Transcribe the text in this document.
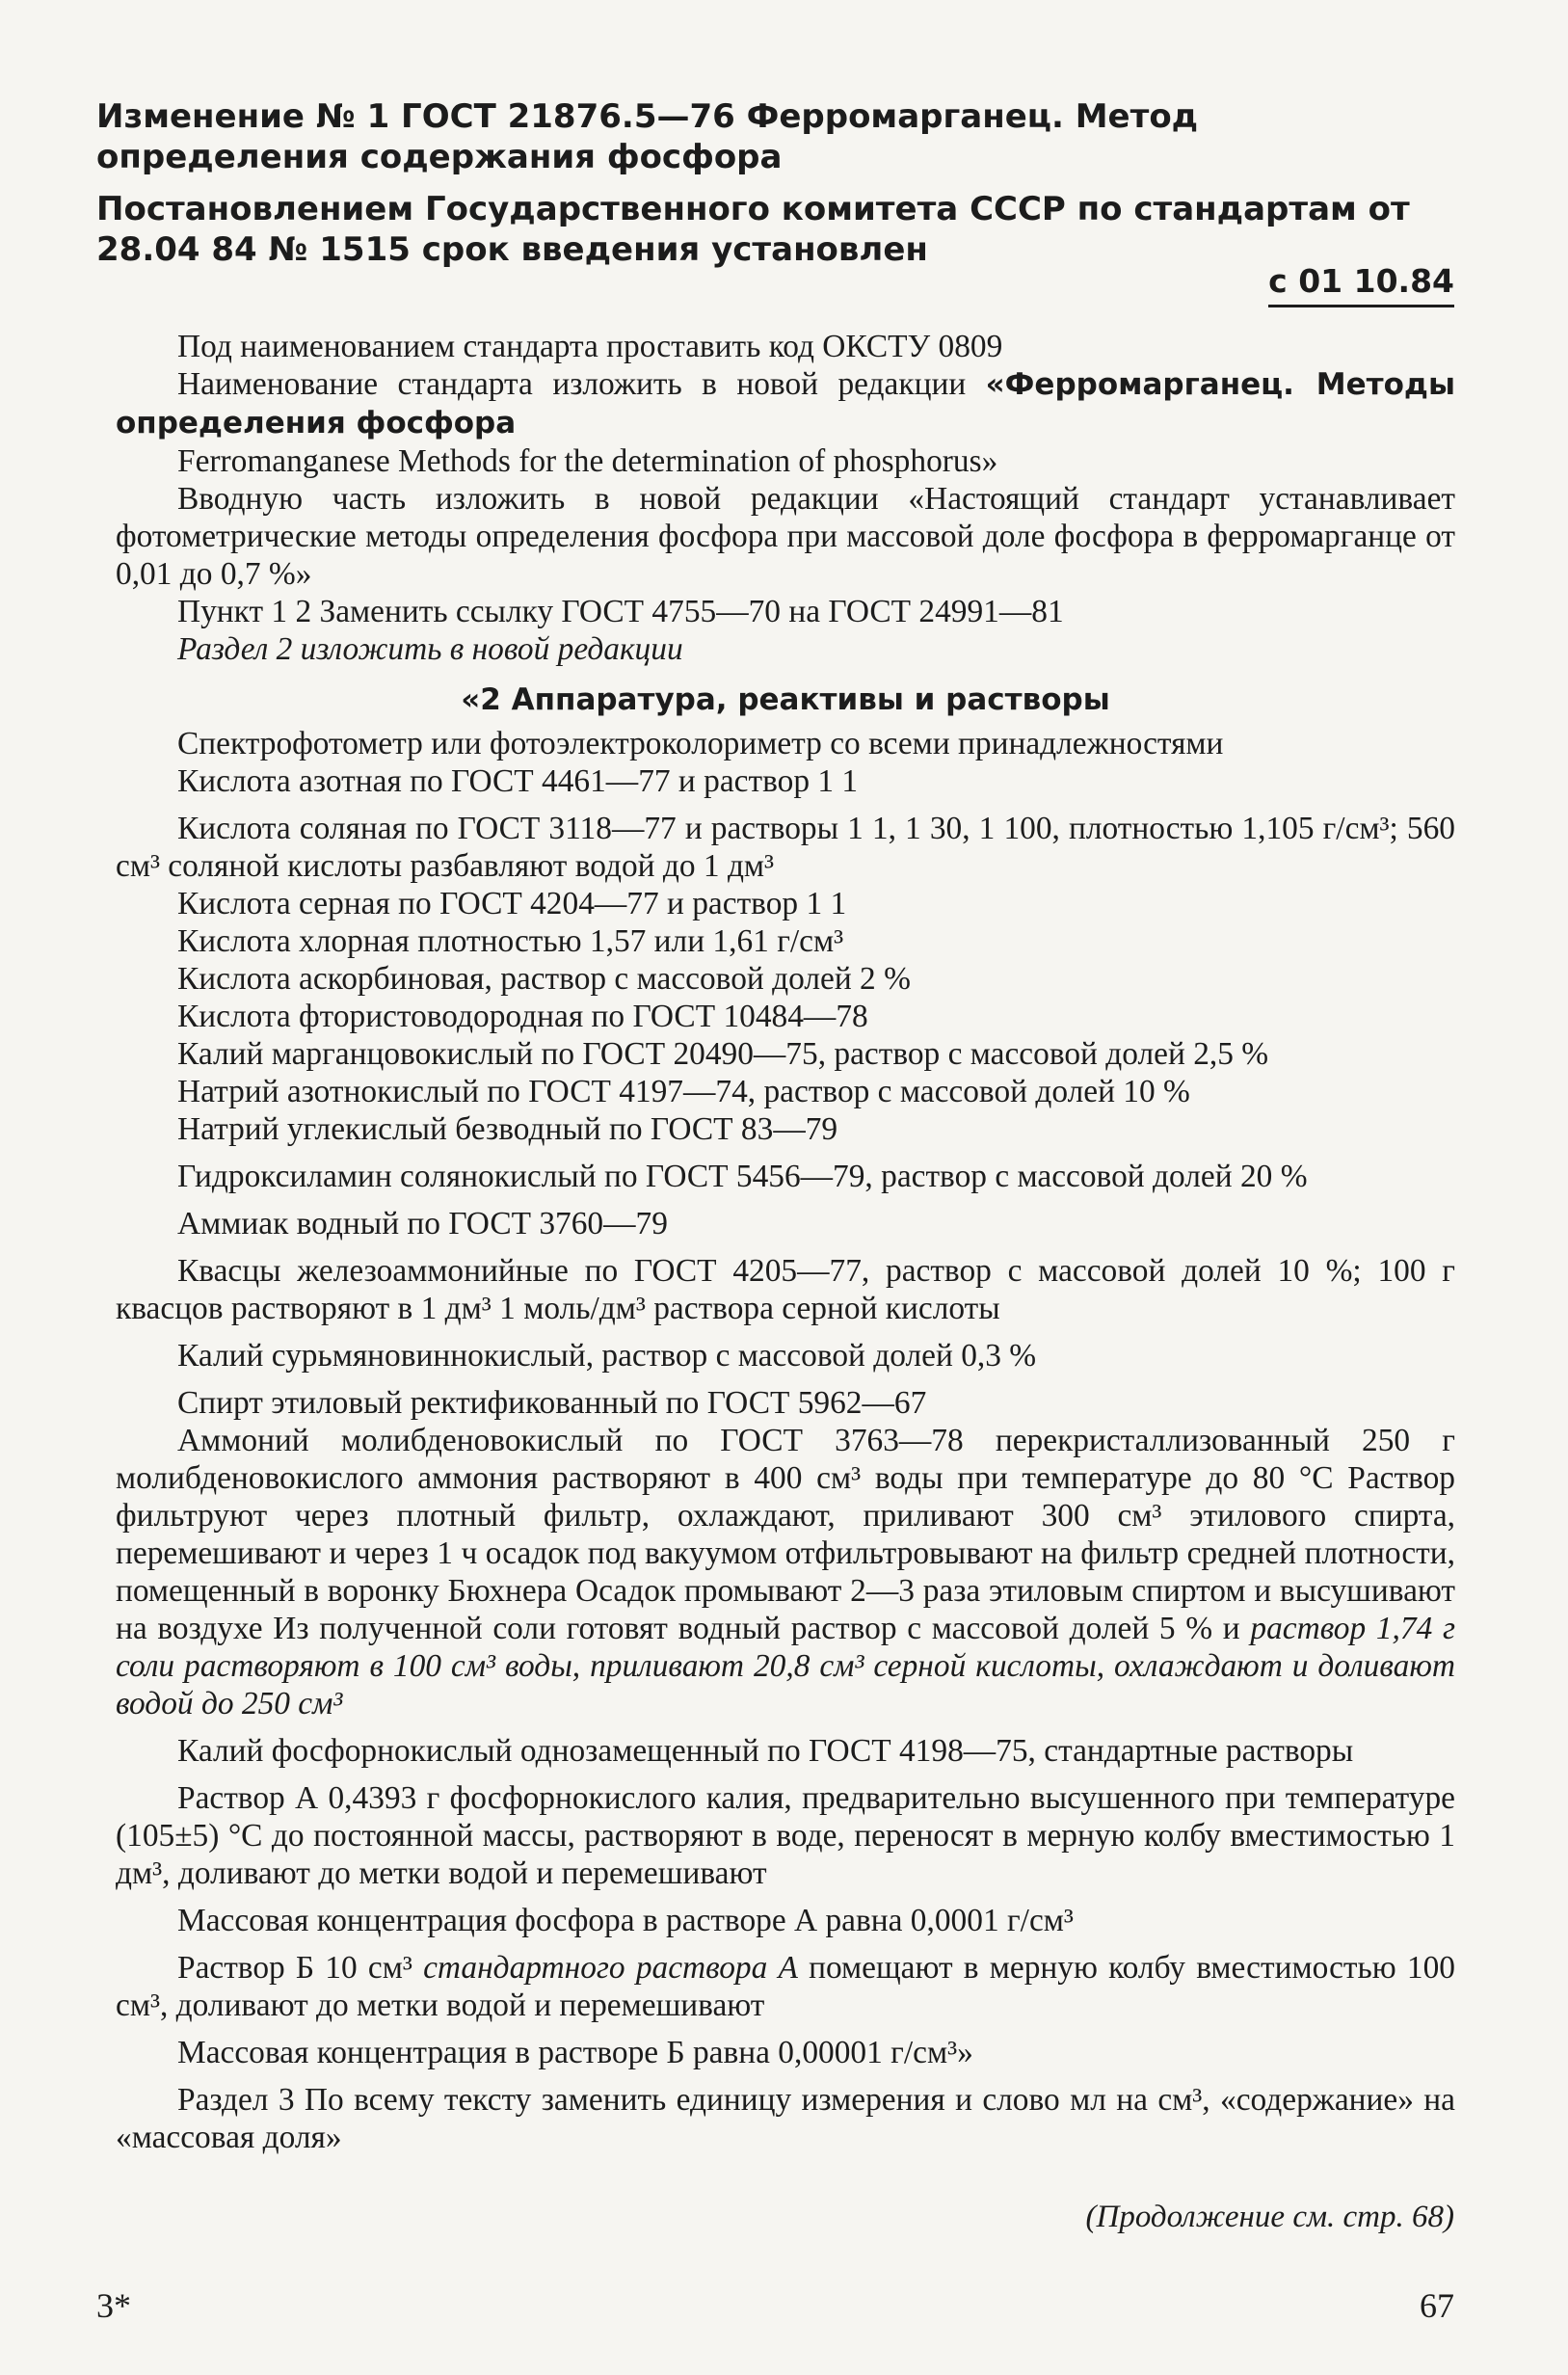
Изменение № 1 ГОСТ 21876.5—76 Ферромарганец. Метод определения содержания фосфора

Постановлением Государственного комитета СССР по стандартам от 28.04 84 № 1515 срок введения установлен

с 01 10.84

Под наименованием стандарта проставить код ОКСТУ 0809

Наименование стандарта изложить в новой редакции «Ферромарганец. Методы определения фосфора

Ferromanganese Methods for the determination of phosphorus»

Вводную часть изложить в новой редакции «Настоящий стандарт устанавливает фотометрические методы определения фосфора при массовой доле фосфора в ферромарганце от 0,01 до 0,7 %»

Пункт 1 2 Заменить ссылку ГОСТ 4755—70 на ГОСТ 24991—81

Раздел 2 изложить в новой редакции

«2 Аппаратура, реактивы и растворы

Спектрофотометр или фотоэлектроколориметр со всеми принадлежностями

Кислота азотная по ГОСТ 4461—77 и раствор 1 1

Кислота соляная по ГОСТ 3118—77 и растворы 1 1, 1 30, 1 100, плотностью 1,105 г/см³; 560 см³ соляной кислоты разбавляют водой до 1 дм³

Кислота серная по ГОСТ 4204—77 и раствор 1 1

Кислота хлорная плотностью 1,57 или 1,61 г/см³

Кислота аскорбиновая, раствор с массовой долей 2 %

Кислота фтористоводородная по ГОСТ 10484—78

Калий марганцовокислый по ГОСТ 20490—75, раствор с массовой долей 2,5 %

Натрий азотнокислый по ГОСТ 4197—74, раствор с массовой долей 10 %

Натрий углекислый безводный по ГОСТ 83—79

Гидроксиламин солянокислый по ГОСТ 5456—79, раствор с массовой долей 20 %

Аммиак водный по ГОСТ 3760—79

Квасцы железоаммонийные по ГОСТ 4205—77, раствор с массовой долей 10 %; 100 г квасцов растворяют в 1 дм³ 1 моль/дм³ раствора серной кислоты

Калий сурьмяновиннокислый, раствор с массовой долей 0,3 %

Спирт этиловый ректификованный по ГОСТ 5962—67

Аммоний молибденовокислый по ГОСТ 3763—78 перекристаллизованный 250 г молибденовокислого аммония растворяют в 400 см³ воды при температуре до 80 °С Раствор фильтруют через плотный фильтр, охлаждают, приливают 300 см³ этилового спирта, перемешивают и через 1 ч осадок под вакуумом отфильтровывают на фильтр средней плотности, помещенный в воронку Бюхнера Осадок промывают 2—3 раза этиловым спиртом и высушивают на воздухе Из полученной соли готовят водный раствор с массовой долей 5 % и раствор 1,74 г соли растворяют в 100 см³ воды, приливают 20,8 см³ серной кислоты, охлаждают и доливают водой до 250 см³

Калий фосфорнокислый однозамещенный по ГОСТ 4198—75, стандартные растворы

Раствор А 0,4393 г фосфорнокислого калия, предварительно высушенного при температуре (105±5) °С до постоянной массы, растворяют в воде, переносят в мерную колбу вместимостью 1 дм³, доливают до метки водой и перемешивают

Массовая концентрация фосфора в растворе А равна 0,0001 г/см³

Раствор Б 10 см³ стандартного раствора А помещают в мерную колбу вместимостью 100 см³, доливают до метки водой и перемешивают

Массовая концентрация в растворе Б равна 0,00001 г/см³»

Раздел 3 По всему тексту заменить единицу измерения и слово мл на см³, «содержание» на «массовая доля»

(Продолжение см. стр. 68)
3*	67
